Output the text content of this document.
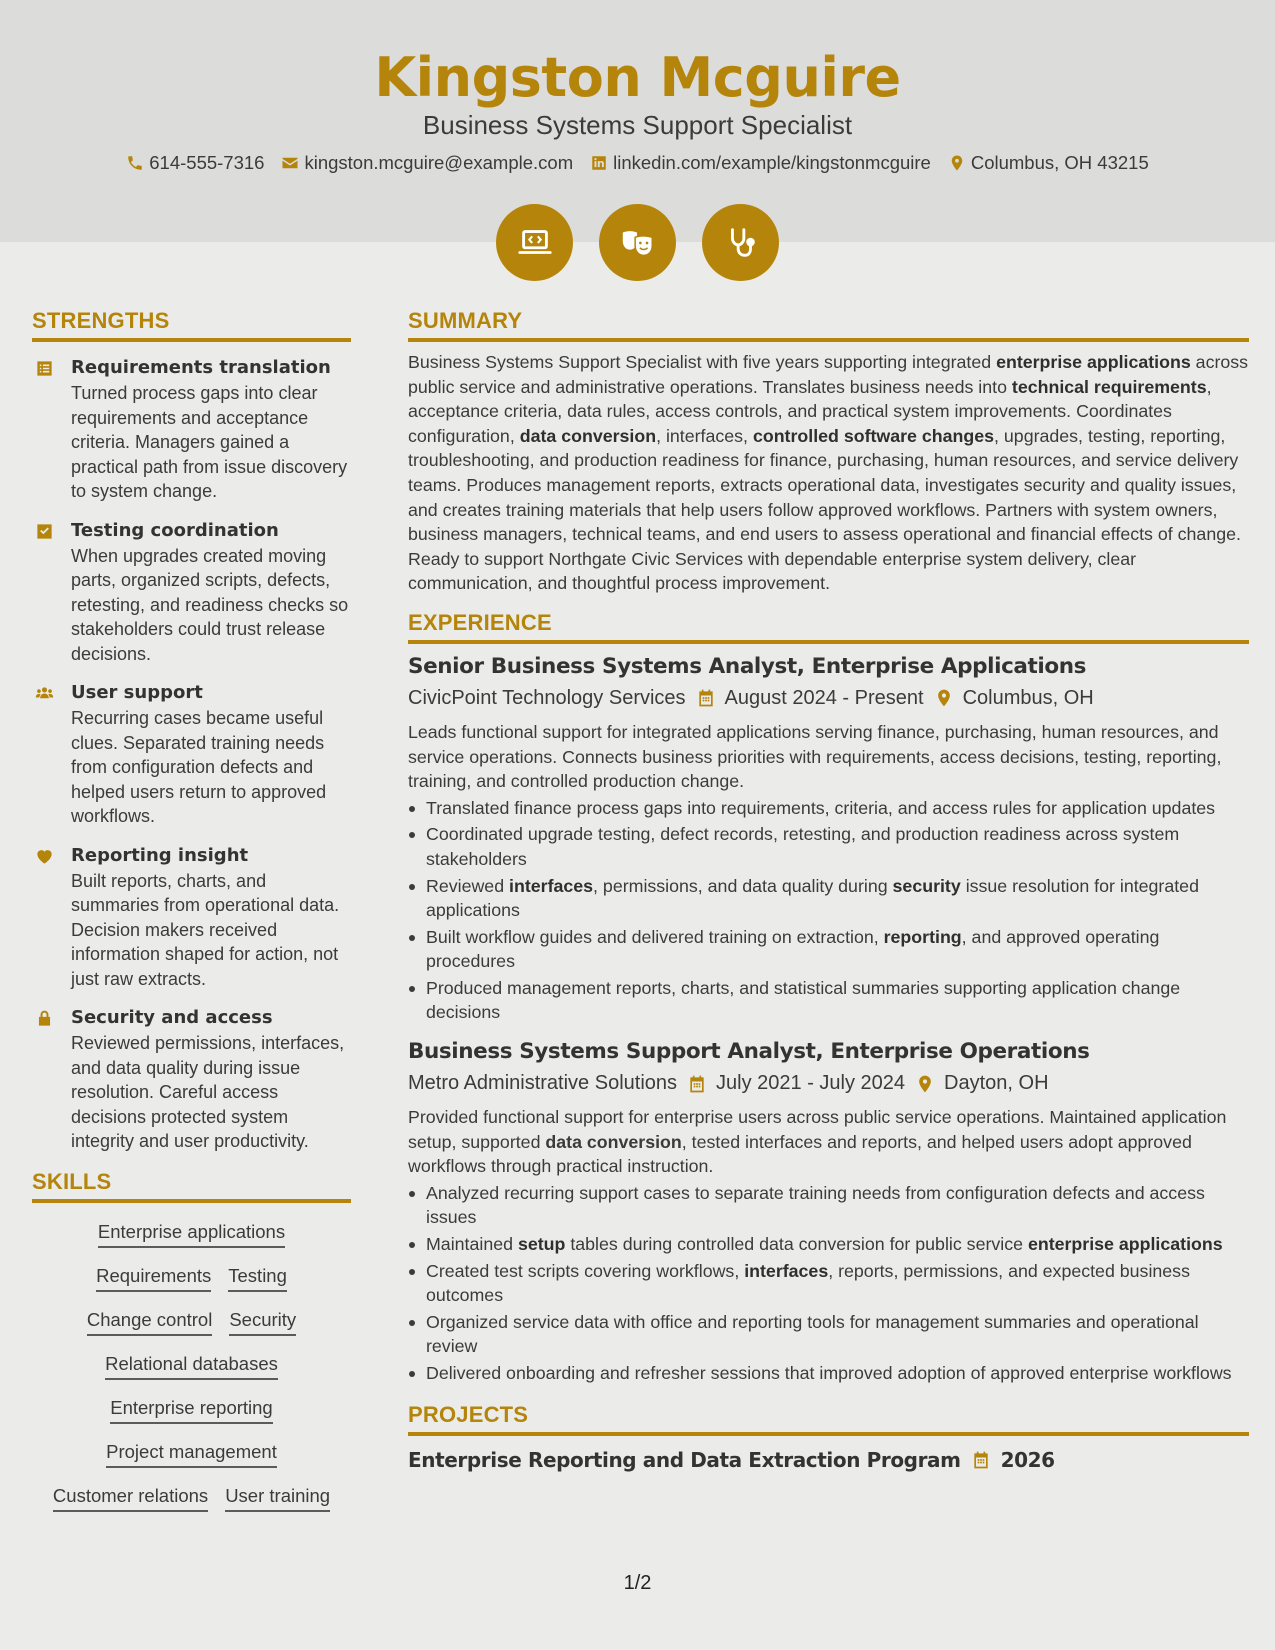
Kingston Mcguire
Business Systems Support Specialist
614-555-7316 kingston.mcguire@example.com linkedin.com/example/kingstonmcguire Columbus, OH 43215
STRENGTHS
Requirements translation
Turned process gaps into clear requirements and acceptance criteria. Managers gained a practical path from issue discovery to system change.
Testing coordination
When upgrades created moving parts, organized scripts, defects, retesting, and readiness checks so stakeholders could trust release decisions.
User support
Recurring cases became useful clues. Separated training needs from configuration defects and helped users return to approved workflows.
Reporting insight
Built reports, charts, and summaries from operational data. Decision makers received information shaped for action, not just raw extracts.
Security and access
Reviewed permissions, interfaces, and data quality during issue resolution. Careful access decisions protected system integrity and user productivity.
SKILLS
Enterprise applications
Requirements Testing
Change control Security
Relational databases
Enterprise reporting
Project management
Customer relations User training
SUMMARY

Business Systems Support Specialist with five years supporting integrated enterprise applications across public service and administrative operations. Translates business needs into technical requirements, acceptance criteria, data rules, access controls, and practical system improvements. Coordinates configuration, data conversion, interfaces, controlled software changes, upgrades, testing, reporting, troubleshooting, and production readiness for finance, purchasing, human resources, and service delivery teams. Produces management reports, extracts operational data, investigates security and quality issues, and creates training materials that help users follow approved workflows. Partners with system owners, business managers, technical teams, and end users to assess operational and financial effects of change. Ready to support Northgate Civic Services with dependable enterprise system delivery, clear communication, and thoughtful process improvement.

EXPERIENCE
Senior Business Systems Analyst, Enterprise Applications
CivicPoint Technology Services August 2024 - Present Columbus, OH

Leads functional support for integrated applications serving finance, purchasing, human resources, and service operations. Connects business priorities with requirements, access decisions, testing, reporting, training, and controlled production change.

Translated finance process gaps into requirements, criteria, and access rules for application updates
Coordinated upgrade testing, defect records, retesting, and production readiness across system stakeholders
Reviewed interfaces, permissions, and data quality during security issue resolution for integrated applications
Built workflow guides and delivered training on extraction, reporting, and approved operating procedures
Produced management reports, charts, and statistical summaries supporting application change decisions
Business Systems Support Analyst, Enterprise Operations
Metro Administrative Solutions July 2021 - July 2024 Dayton, OH

Provided functional support for enterprise users across public service operations. Maintained application setup, supported data conversion, tested interfaces and reports, and helped users adopt approved workflows through practical instruction.

Analyzed recurring support cases to separate training needs from configuration defects and access issues
Maintained setup tables during controlled data conversion for public service enterprise applications
Created test scripts covering workflows, interfaces, reports, permissions, and expected business outcomes
Organized service data with office and reporting tools for management summaries and operational review
Delivered onboarding and refresher sessions that improved adoption of approved enterprise workflows
PROJECTS
Enterprise Reporting and Data Extraction Program 2026
1/2
